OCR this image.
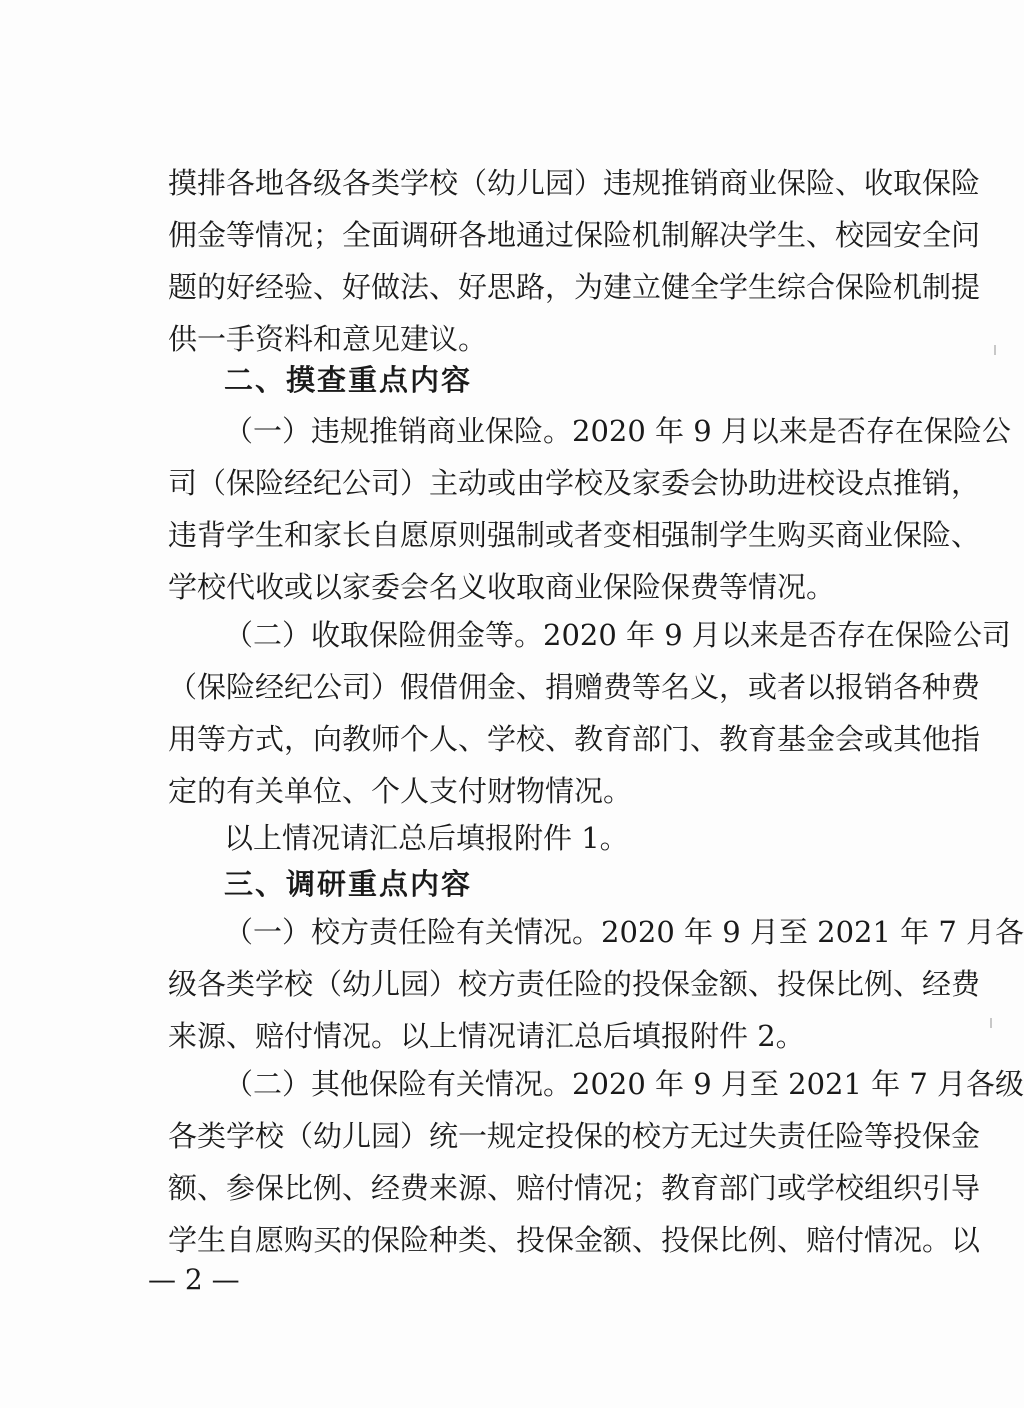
摸排各地各级各类学校（幼儿园）违规推销商业保险、收取保险
佣金等情况；全面调研各地通过保险机制解决学生、校园安全问
题的好经验、好做法、好思路，为建立健全学生综合保险机制提
供一手资料和意见建议。
二、摸查重点内容
（一）违规推销商业保险。2020 年 9 月以来是否存在保险公
司（保险经纪公司）主动或由学校及家委会协助进校设点推销，
违背学生和家长自愿原则强制或者变相强制学生购买商业保险、
学校代收或以家委会名义收取商业保险保费等情况。
（二）收取保险佣金等。2020 年 9 月以来是否存在保险公司
（保险经纪公司）假借佣金、捐赠费等名义，或者以报销各种费
用等方式，向教师个人、学校、教育部门、教育基金会或其他指
定的有关单位、个人支付财物情况。
以上情况请汇总后填报附件 1。
三、调研重点内容
（一）校方责任险有关情况。2020 年 9 月至 2021 年 7 月各
级各类学校（幼儿园）校方责任险的投保金额、投保比例、经费
来源、赔付情况。以上情况请汇总后填报附件 2。
（二）其他保险有关情况。2020 年 9 月至 2021 年 7 月各级
各类学校（幼儿园）统一规定投保的校方无过失责任险等投保金
额、参保比例、经费来源、赔付情况；教育部门或学校组织引导
学生自愿购买的保险种类、投保金额、投保比例、赔付情况。以
— 2 —
